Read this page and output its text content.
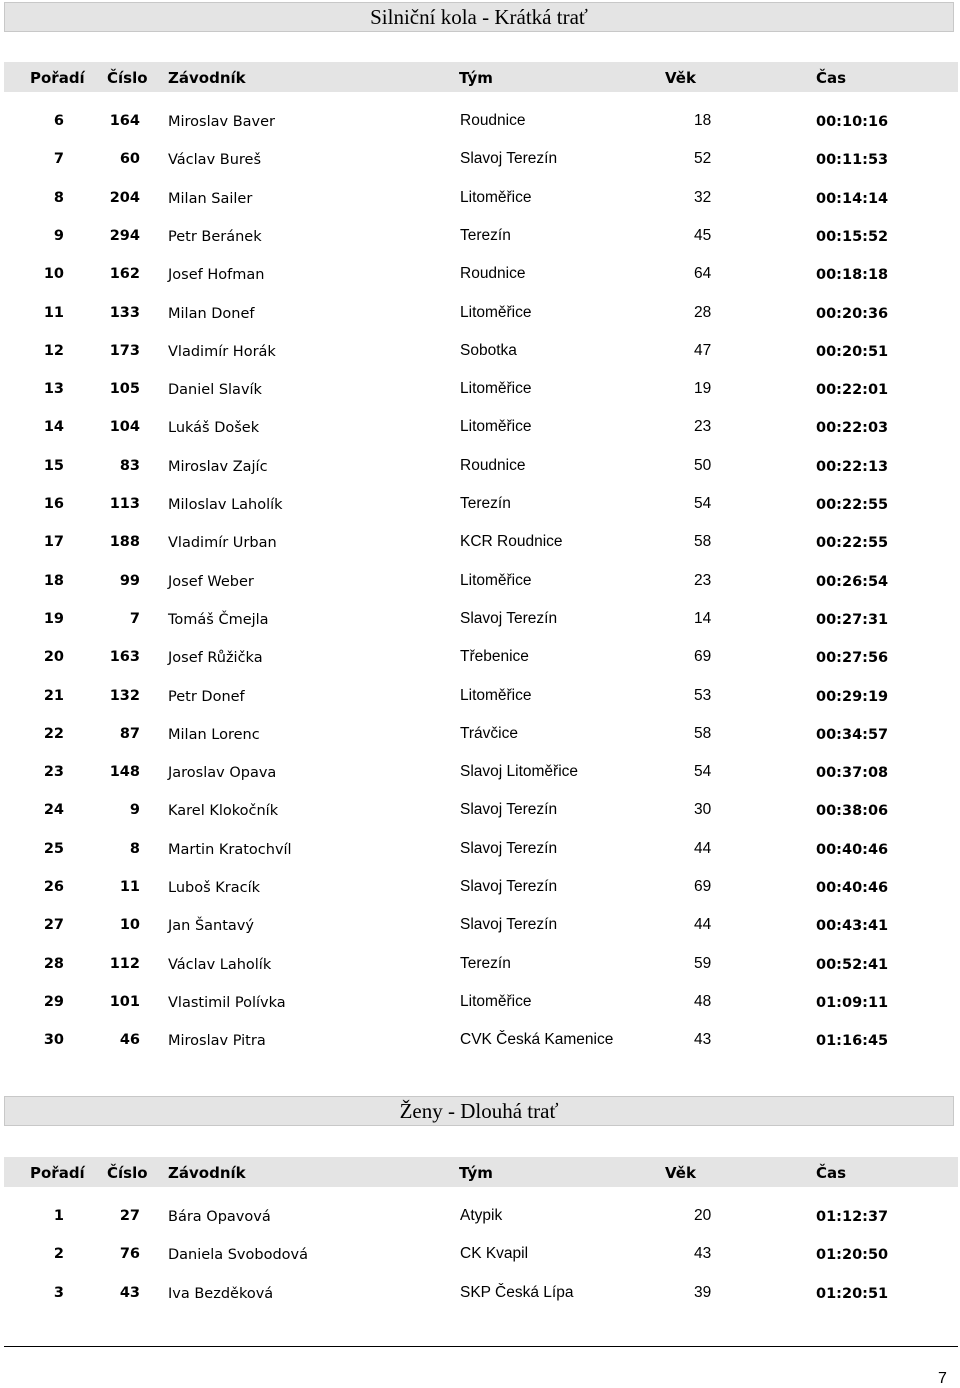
Silniční kola - Krátká trať
Pořadí Číslo Závodník	Tým	Věk	Čas
6	164 Miroslav Baver	Roudnice	18	00:10:16
7	60 Václav Bureš	Slavoj Terezín	52	00:11:53
8	204 Milan Sailer	Litoměřice	32	00:14:14
9	294 Petr Beránek	Terezín	45	00:15:52
10	162 Josef Hofman	Roudnice	64	00:18:18
11	133 Milan Donef	Litoměřice	28	00:20:36
12	173 Vladimír Horák	Sobotka	47	00:20:51
13	105 Daniel Slavík	Litoměřice	19	00:22:01
14	104 Lukáš Došek	Litoměřice	23	00:22:03
15	83 Miroslav Zajíc	Roudnice	50	00:22:13
16	113 Miloslav Laholík	Terezín	54	00:22:55
17	188 Vladimír Urban	KCR Roudnice	58	00:22:55
18	99 Josef Weber	Litoměřice	23	00:26:54
19	7 Tomáš Čmejla	Slavoj Terezín	14	00:27:31
20	163 Josef Růžička	Třebenice	69	00:27:56
21	132 Petr Donef	Litoměřice	53	00:29:19
22	87 Milan Lorenc	Trávčice	58	00:34:57
23	148 Jaroslav Opava	Slavoj Litoměřice	54	00:37:08
24	9 Karel Klokočník	Slavoj Terezín	30	00:38:06
25	8 Martin Kratochvíl	Slavoj Terezín	44	00:40:46
26	11 Luboš Kracík	Slavoj Terezín	69	00:40:46
27	10 Jan Šantavý	Slavoj Terezín	44	00:43:41
28	112 Václav Laholík	Terezín	59	00:52:41
29	101 Vlastimil Polívka	Litoměřice	48	01:09:11
30	46 Miroslav Pitra	CVK Česká Kamenice	43	01:16:45
Ženy - Dlouhá trať
Pořadí Číslo Závodník	Tým	Věk	Čas
1	27 Bára Opavová	Atypik	20	01:12:37
2	76 Daniela Svobodová	CK Kvapil	43	01:20:50
3	43 Iva Bezděková	SKP Česká Lípa	39	01:20:51
7
